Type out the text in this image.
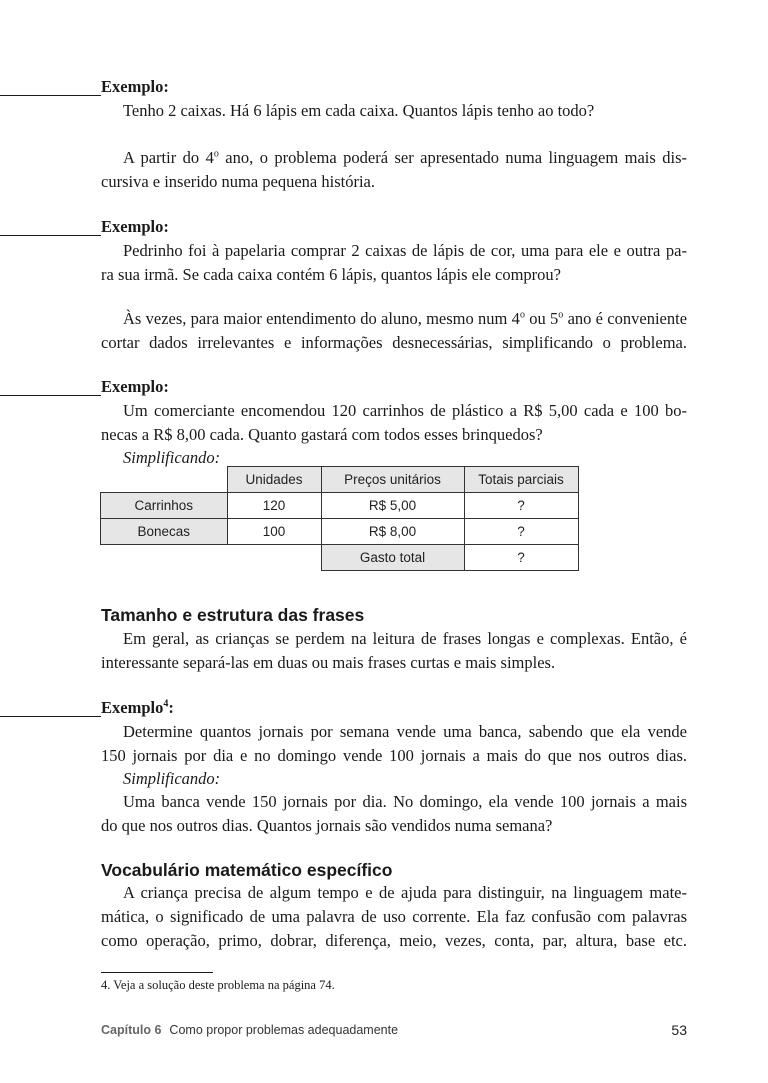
Exemplo:
Tenho 2 caixas. Há 6 lápis em cada caixa. Quantos lápis tenho ao todo?
A partir do 4$^o$ ano, o problema poderá ser apresentado numa linguagem mais dis-
cursiva e inserido numa pequena história.
Exemplo:
Pedrinho foi à papelaria comprar 2 caixas de lápis de cor, uma para ele e outra pa-
ra sua irmã. Se cada caixa contém 6 lápis, quantos lápis ele comprou?
Às vezes, para maior entendimento do aluno, mesmo num 4$^o$ ou 5$^o$ ano é conveniente
cortar dados irrelevantes e informações desnecessárias, simplificando o problema.
Exemplo:
Um comerciante encomendou 120 carrinhos de plástico a R$ 5,00 cada e 100 bo-
necas a R$ 8,00 cada. Quanto gastará com todos esses brinquedos?
Simplificando:
	Unidades	Preços unitários	Totais parciais
Carrinhos	120	R$ 5,00	?
Bonecas	100	R$ 8,00	?
		Gasto total	?
Tamanho e estrutura das frases
Em geral, as crianças se perdem na leitura de frases longas e complexas. Então, é
interessante separá-las em duas ou mais frases curtas e mais simples.
Exemplo$^4$:
Determine quantos jornais por semana vende uma banca, sabendo que ela vende
150 jornais por dia e no domingo vende 100 jornais a mais do que nos outros dias.
Simplificando:
Uma banca vende 150 jornais por dia. No domingo, ela vende 100 jornais a mais
do que nos outros dias. Quantos jornais são vendidos numa semana?
Vocabulário matemático específico
A criança precisa de algum tempo e de ajuda para distinguir, na linguagem mate-
mática, o significado de uma palavra de uso corrente. Ela faz confusão com palavras
como operação, primo, dobrar, diferença, meio, vezes, conta, par, altura, base etc.
4. Veja a solução deste problema na página 74.
Capítulo 6 Como propor problemas adequadamente	53
